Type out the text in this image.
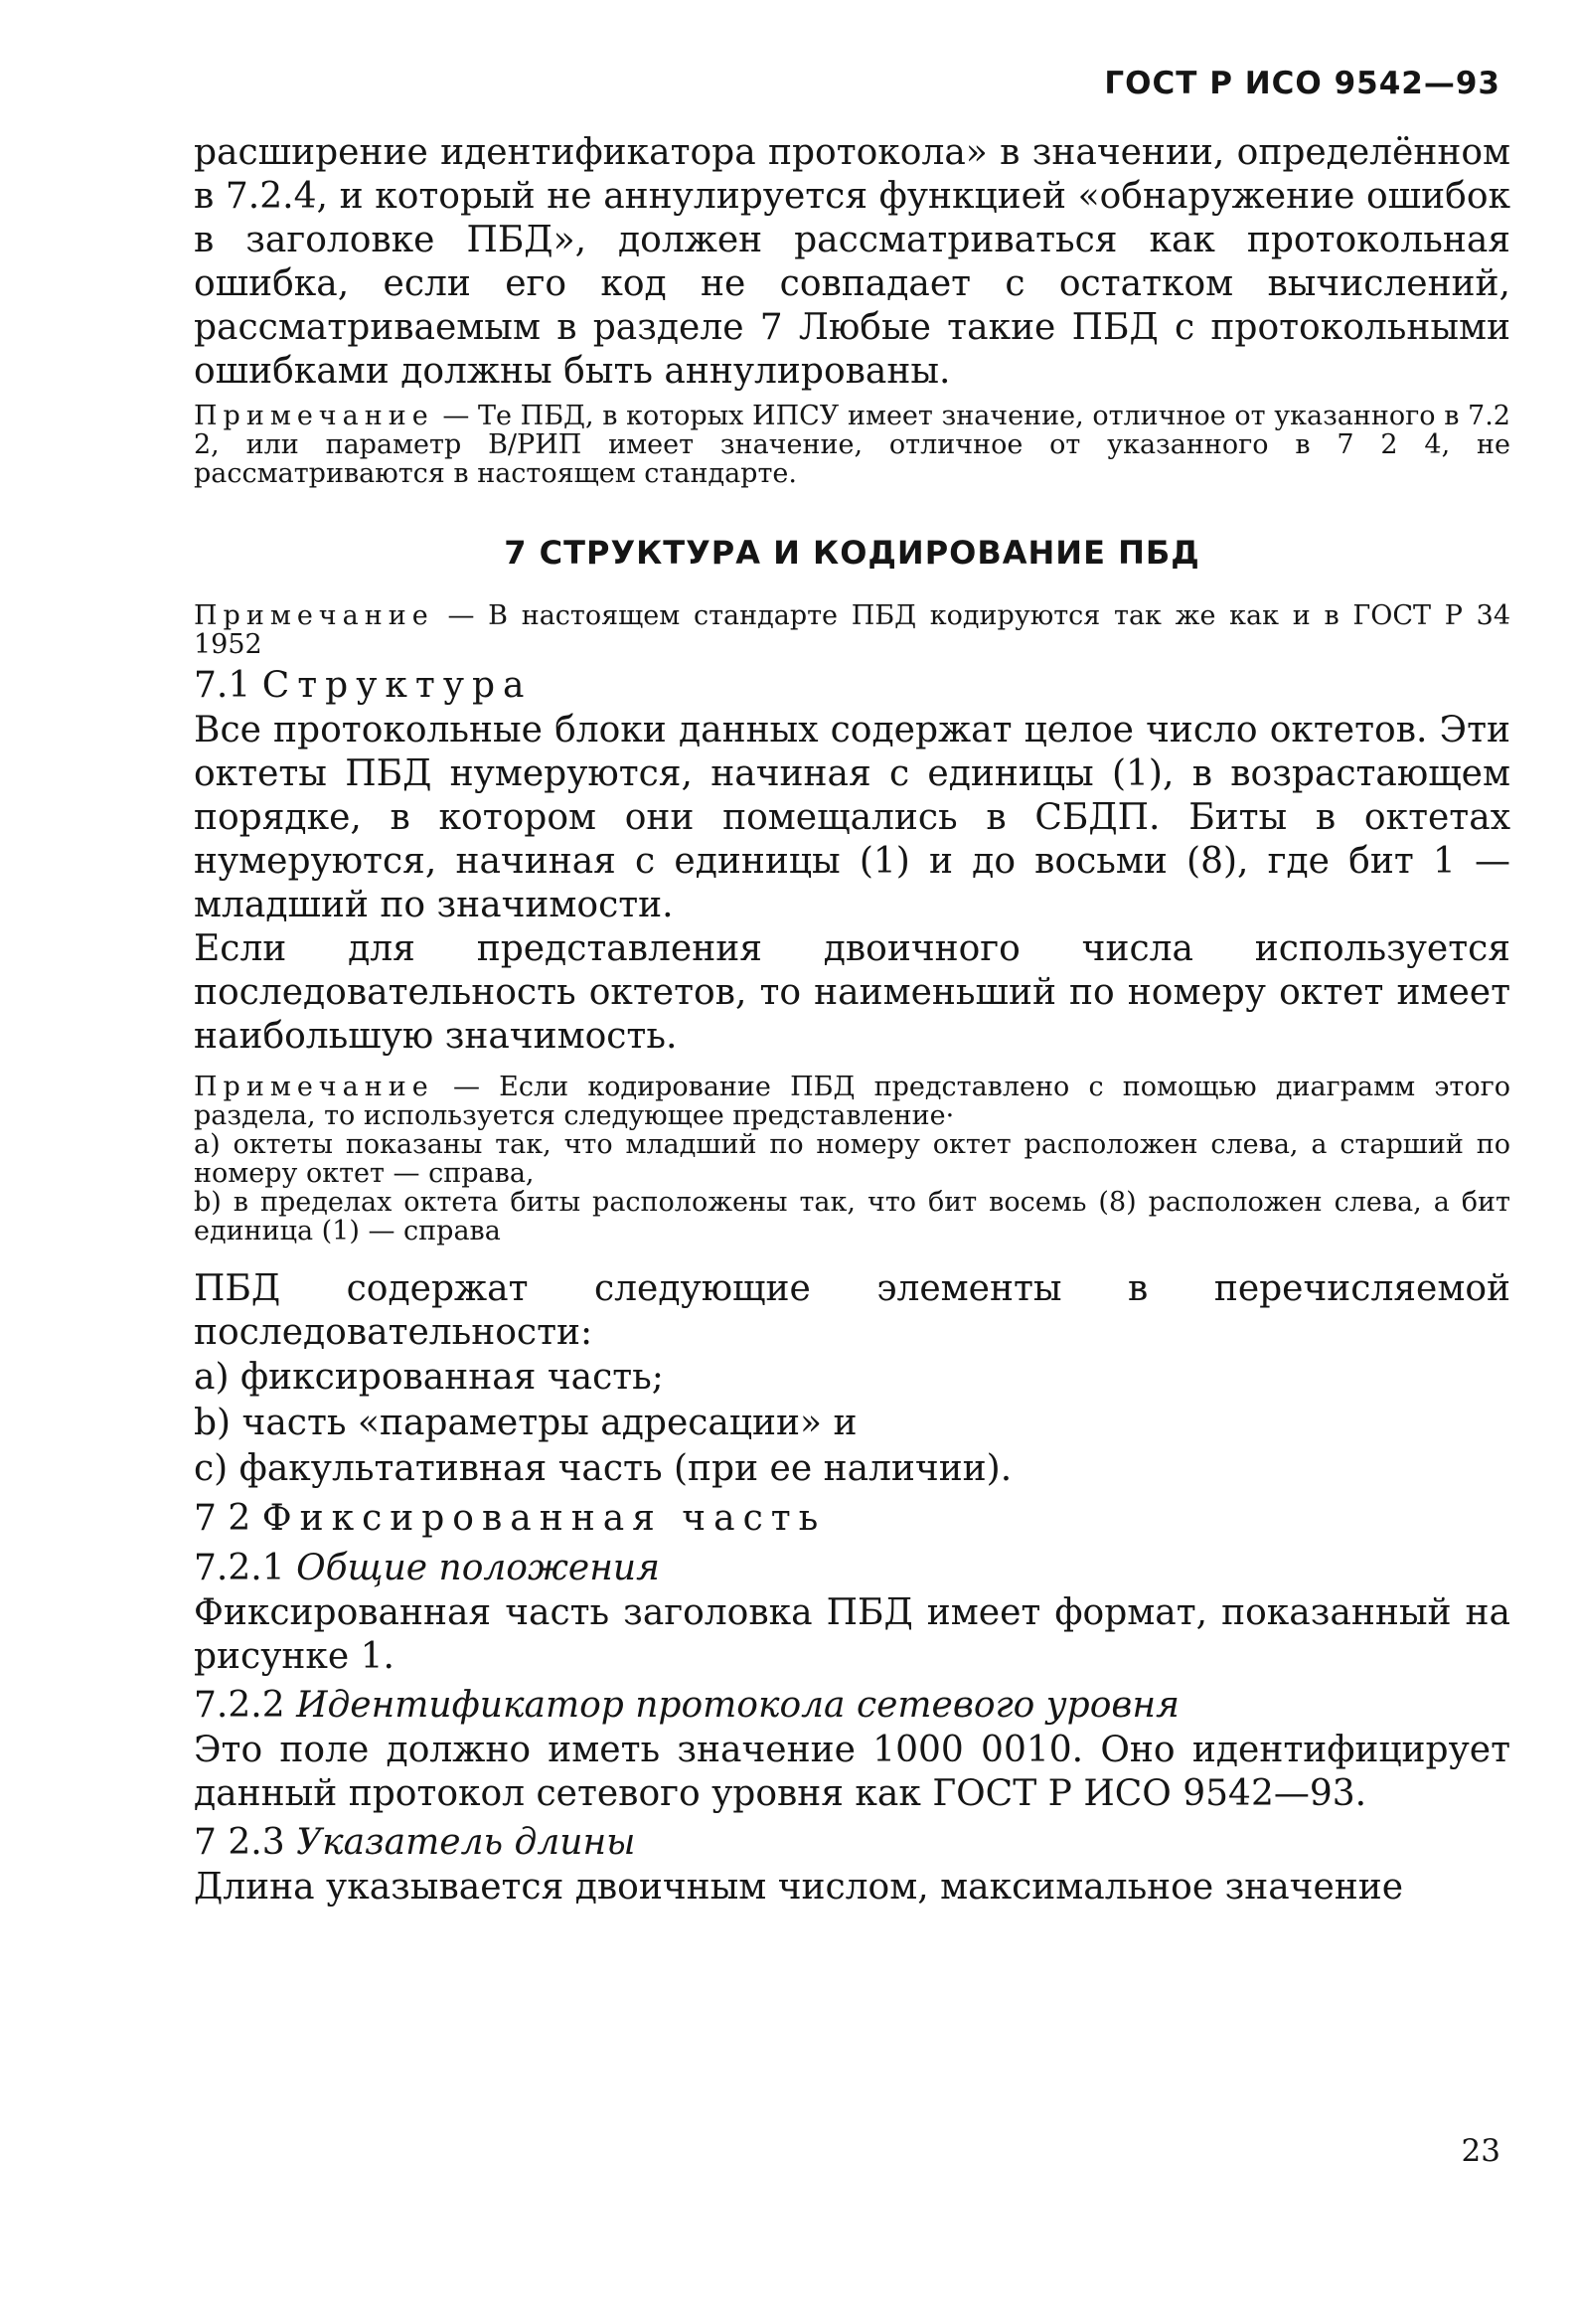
ГОСТ Р ИСО 9542—93

расширение идентификатора протокола» в значении, определённом в 7.2.4, и который не аннулируется функцией «обнаружение ошибок в заголовке ПБД», должен рассматриваться как протокольная ошибка, если его код не совпадает с остатком вычислений, рассматриваемым в разделе 7 Любые такие ПБД с протокольными ошибками должны быть аннулированы.

Примечание — Те ПБД, в которых ИПСУ имеет значение, отличное от указанного в 7.2 2, или параметр В/РИП имеет значение, отличное от указанного в 7 2 4, не рассматриваются в настоящем стандарте.

7 СТРУКТУРА И КОДИРОВАНИЕ ПБД

Примечание — В настоящем стандарте ПБД кодируются так же как и в ГОСТ Р 34 1952

7.1 Структура

Все протокольные блоки данных содержат целое число октетов. Эти октеты ПБД нумеруются, начиная с единицы (1), в возрастающем порядке, в котором они помещались в СБДП. Биты в октетах нумеруются, начиная с единицы (1) и до восьми (8), где бит 1 — младший по значимости.

Если для представления двоичного числа используется последовательность октетов, то наименьший по номеру октет имеет наибольшую значимость.

Примечание — Если кодирование ПБД представлено с помощью диаграмм этого раздела, то используется следующее представление·

а) октеты показаны так, что младший по номеру октет расположен слева, а старший по номеру октет — справа,

b) в пределах октета биты расположены так, что бит восемь (8) расположен слева, а бит единица (1) — справа

ПБД содержат следующие элементы в перечисляемой последовательности:

а) фиксированная часть;

b) часть «параметры адресации» и

c) факультативная часть (при ее наличии).

7 2 Фиксированная часть
7.2.1 Общие положения

Фиксированная часть заголовка ПБД имеет формат, показанный на рисунке 1.

7.2.2 Идентификатор протокола сетевого уровня

Это поле должно иметь значение 1000 0010. Оно идентифицирует данный протокол сетевого уровня как ГОСТ Р ИСО 9542—93.

7 2.3 Указатель длины

Длина указывается двоичным числом, максимальное значение

23
